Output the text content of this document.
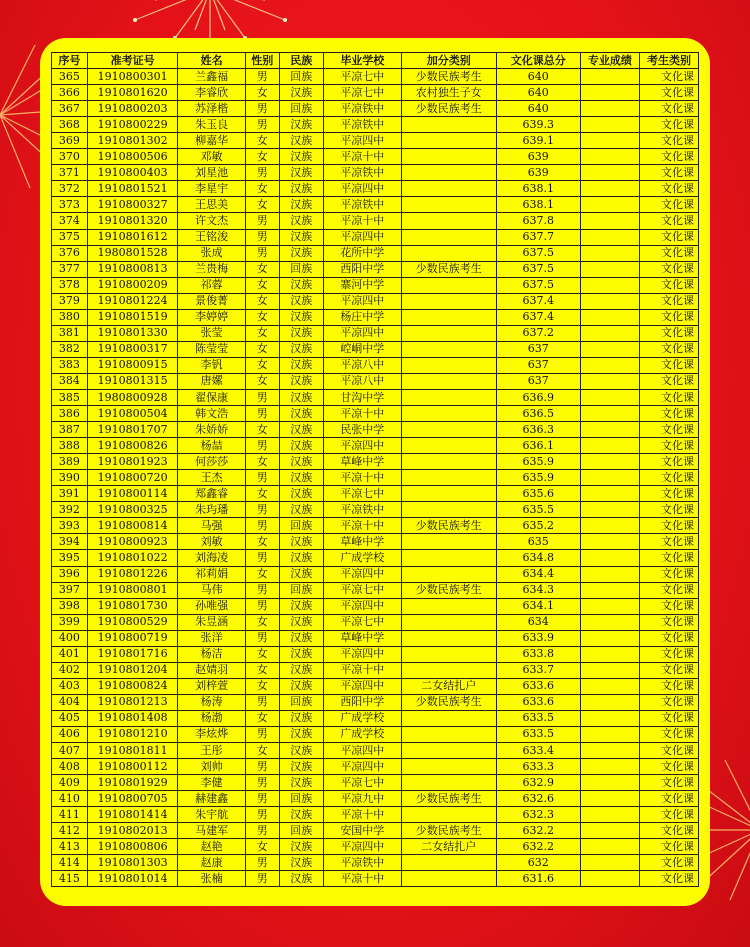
序号	准考证号	姓名	性别	民族	毕业学校	加分类别	文化课总分	专业成绩	考生类别
365	1910800301	兰鑫福	男	回族	平凉七中	少数民族考生	640		文化课
366	1910801620	李睿欣	女	汉族	平凉七中	农村独生子女	640		文化课
367	1910800203	苏泽楷	男	回族	平凉铁中	少数民族考生	640		文化课
368	1910800229	朱玉良	男	汉族	平凉铁中		639.3		文化课
369	1910801302	柳嘉华	女	汉族	平凉四中		639.1		文化课
370	1910800506	邓敏	女	汉族	平凉十中		639		文化课
371	1910800403	刘星池	男	汉族	平凉铁中		639		文化课
372	1910801521	李星宇	女	汉族	平凉四中		638.1		文化课
373	1910800327	王思美	女	汉族	平凉铁中		638.1		文化课
374	1910801320	许文杰	男	汉族	平凉十中		637.8		文化课
375	1910801612	王铭浚	男	汉族	平凉四中		637.7		文化课
376	1980801528	张成	男	汉族	花所中学		637.5		文化课
377	1910800813	兰贵梅	女	回族	西阳中学	少数民族考生	637.5		文化课
378	1910800209	祁蓉	女	汉族	寨河中学		637.5		文化课
379	1910801224	景俊菁	女	汉族	平凉四中		637.4		文化课
380	1910801519	李婷婷	女	汉族	杨庄中学		637.4		文化课
381	1910801330	张莹	女	汉族	平凉四中		637.2		文化课
382	1910800317	陈莹莹	女	汉族	崆峒中学		637		文化课
383	1910800915	李钒	女	汉族	平凉八中		637		文化课
384	1910801315	唐嫘	女	汉族	平凉八中		637		文化课
385	1980800928	翟保康	男	汉族	甘沟中学		636.9		文化课
386	1910800504	韩文浩	男	汉族	平凉十中		636.5		文化课
387	1910801707	朱娇娇	女	汉族	民张中学		636.3		文化课
388	1910800826	杨喆	男	汉族	平凉四中		636.1		文化课
389	1910801923	何莎莎	女	汉族	草峰中学		635.9		文化课
390	1910800720	王杰	男	汉族	平凉十中		635.9		文化课
391	1910800114	郑鑫睿	女	汉族	平凉七中		635.6		文化课
392	1910800325	朱玙璠	男	汉族	平凉铁中		635.5		文化课
393	1910800814	马强	男	回族	平凉十中	少数民族考生	635.2		文化课
394	1910800923	刘敏	女	汉族	草峰中学		635		文化课
395	1910801022	刘海凌	男	汉族	广成学校		634.8		文化课
396	1910801226	祁莉娟	女	汉族	平凉四中		634.4		文化课
397	1910800801	马伟	男	回族	平凉七中	少数民族考生	634.3		文化课
398	1910801730	孙唯强	男	汉族	平凉四中		634.1		文化课
399	1910800529	朱昱涵	女	汉族	平凉七中		634		文化课
400	1910800719	张洋	男	汉族	草峰中学		633.9		文化课
401	1910801716	杨洁	女	汉族	平凉四中		633.8		文化课
402	1910801204	赵婧羽	女	汉族	平凉十中		633.7		文化课
403	1910800824	刘梓萱	女	汉族	平凉四中	二女结扎户	633.6		文化课
404	1910801213	杨涛	男	回族	西阳中学	少数民族考生	633.6		文化课
405	1910801408	杨渤	女	汉族	广成学校		633.5		文化课
406	1910801210	李炫烨	男	汉族	广成学校		633.5		文化课
407	1910801811	王彤	女	汉族	平凉四中		633.4		文化课
408	1910800112	刘帅	男	汉族	平凉四中		633.3		文化课
409	1910801929	李健	男	汉族	平凉七中		632.9		文化课
410	1910800705	赫建鑫	男	回族	平凉九中	少数民族考生	632.6		文化课
411	1910801414	朱宇航	男	汉族	平凉十中		632.3		文化课
412	1910802013	马建军	男	回族	安国中学	少数民族考生	632.2		文化课
413	1910800806	赵艳	女	汉族	平凉四中	二女结扎户	632.2		文化课
414	1910801303	赵康	男	汉族	平凉铁中		632		文化课
415	1910801014	张楠	男	汉族	平凉十中		631.6		文化课
